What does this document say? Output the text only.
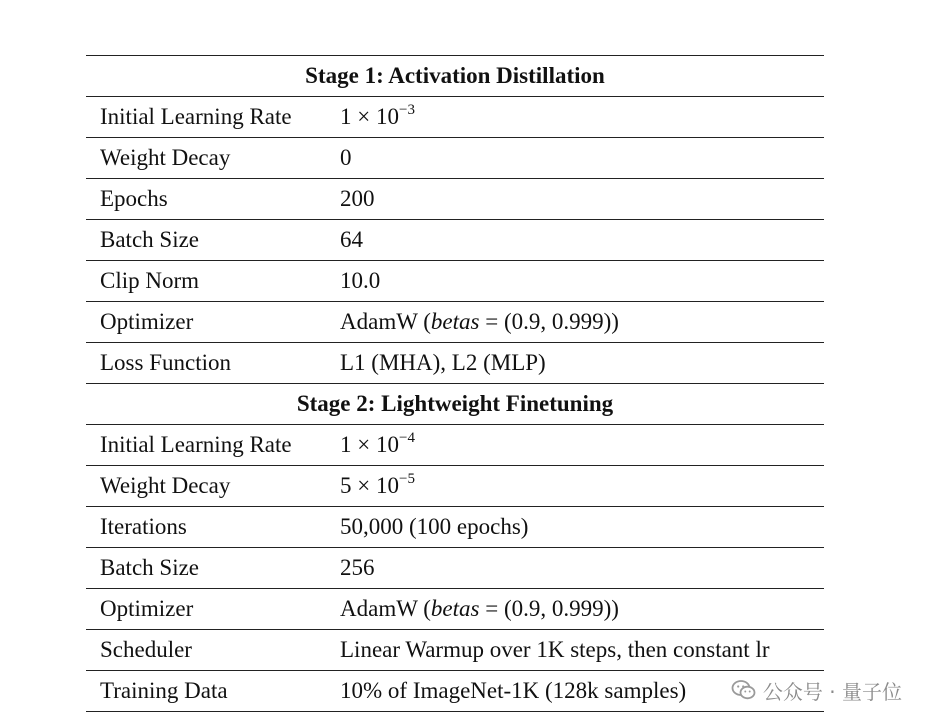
Stage 1: Activation Distillation	
Initial Learning Rate	$1 \times 10^{-3}$
Weight Decay	0
Epochs	200
Batch Size	64
Clip Norm	10.0
Optimizer	AdamW (betas = (0.9, 0.999))
Loss Function	L1 (MHA), L2 (MLP)
Stage 2: Lightweight Finetuning	
Initial Learning Rate	$1 \times 10^{-4}$
Weight Decay	$5 \times 10^{-5}$
Iterations	50,000 (100 epochs)
Batch Size	256
Optimizer	AdamW (betas = (0.9, 0.999))
Scheduler	Linear Warmup over 1K steps, then constant lr
Training Data	10% of ImageNet-1K (128k samples)	公众号 · 量子位
